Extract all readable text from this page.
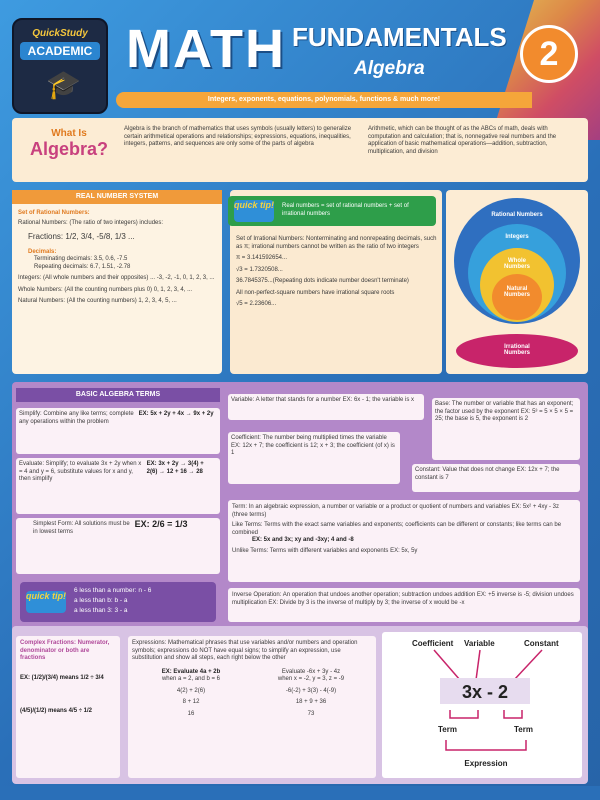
QuickStudy
ACADEMIC
🎓
MATH FUNDAMENTALS
Algebra	2
Integers, exponents, equations, polynomials, functions & much more!
What Is
Algebra?
Algebra is the branch of mathematics that uses symbols (usually letters) to generalize certain arithmetical operations and relationships; expressions, equations, inequalities, integers, patterns, and sequences are only some of the parts of algebra
Arithmetic, which can be thought of as the ABCs of math, deals with computation and calculation; that is, nonnegative real numbers and the application of basic mathematical operations—addition, subtraction, multiplication, and division
REAL NUMBER SYSTEM
Set of Rational Numbers:
Rational Numbers: (The ratio of two integers) includes:
Fractions: 1/2, 3/4, -5/8, 1/3 ...
Decimals:
Terminating decimals: 3.5, 0.6, -7.5
Repeating decimals: 6.7, 1.51, -2.78
Integers: (All whole numbers and their opposites) ... -3, -2, -1, 0, 1, 2, 3, ...
Whole Numbers: (All the counting numbers plus 0) 0, 1, 2, 3, 4, ...
Natural Numbers: (All the counting numbers) 1, 2, 3, 4, 5, ...
quick tip! Real numbers = set of rational numbers + set of irrational numbers
Set of Irrational Numbers: Nonterminating and nonrepeating decimals, such as π; irrational numbers cannot be written as the ratio of two integers
π = 3.141592654...
√3 = 1.7320508...
36.7845375...(Repeating dots indicate number doesn't terminate)
All non-perfect-square numbers have irrational square roots
√5 = 2.23606...
Rational Numbers
Integers
Whole Numbers
Natural Numbers
Irrational Numbers
BASIC ALGEBRA TERMS
Simplify: Combine any like terms; complete any operations within the problem EX: 5x + 2y + 4x → 9x + 2y
Evaluate: Simplify; to evaluate 3x + 2y when x = 4 and y = 6, substitute values for x and y, then simplify EX: 3x + 2y → 3(4) + 2(6) → 12 + 16 → 28
Simplest Form: All solutions must be in lowest terms EX: 2/6 = 1/3
Variable: A letter that stands for a number EX: 6x - 1; the variable is x
Coefficient: The number being multiplied times the variable EX: 12x + 7; the coefficient is 12; x + 3; the coefficient (of x) is 1
Base: The number or variable that has an exponent; the factor used by the exponent EX: 5³ = 5 × 5 × 5 = 25; the base is 5, the exponent is 2
Constant: Value that does not change EX: 12x + 7; the constant is 7
Term: In an algebraic expression, a number or variable or a product or quotient of numbers and variables EX: 5x² + 4xy - 3z (three terms)
Like Terms: Terms with the exact same variables and exponents; coefficients can be different or constants; like terms can be combined
EX: 5x and 3x; xy and -3xy; 4 and -8
Unlike Terms: Terms with different variables and exponents EX: 5x, 5y
Inverse Operation: An operation that undoes another operation; subtraction undoes addition EX: +5 inverse is -5; division undoes multiplication EX: Divide by 3 is the inverse of multiply by 3; the inverse of x would be -x
quick tip!
6 less than a number: n - 6
a less than b: b - a
a less than 3: 3 - a
Complex Fractions: Numerator, denominator or both are fractions
EX: (1/2)/(3/4) means 1/2 ÷ 3/4
(4/5)/(1/2) means 4/5 ÷ 1/2
Expressions: Mathematical phrases that use variables and/or numbers and operation symbols; expressions do NOT have equal signs; to simplify an expression, use substitution and show all steps, each right below the other
EX: Evaluate 4a + 2b
when a = 2, and b = 6
4(2) + 2(6)
8 + 12
16
Evaluate -6x + 3y - 4z
when x = -2, y = 3, z = -9
-6(-2) + 3(3) - 4(-9)
18 + 9 + 36
73
Coefficient Variable	Constant
3x - 2
Term	Term
Expression
